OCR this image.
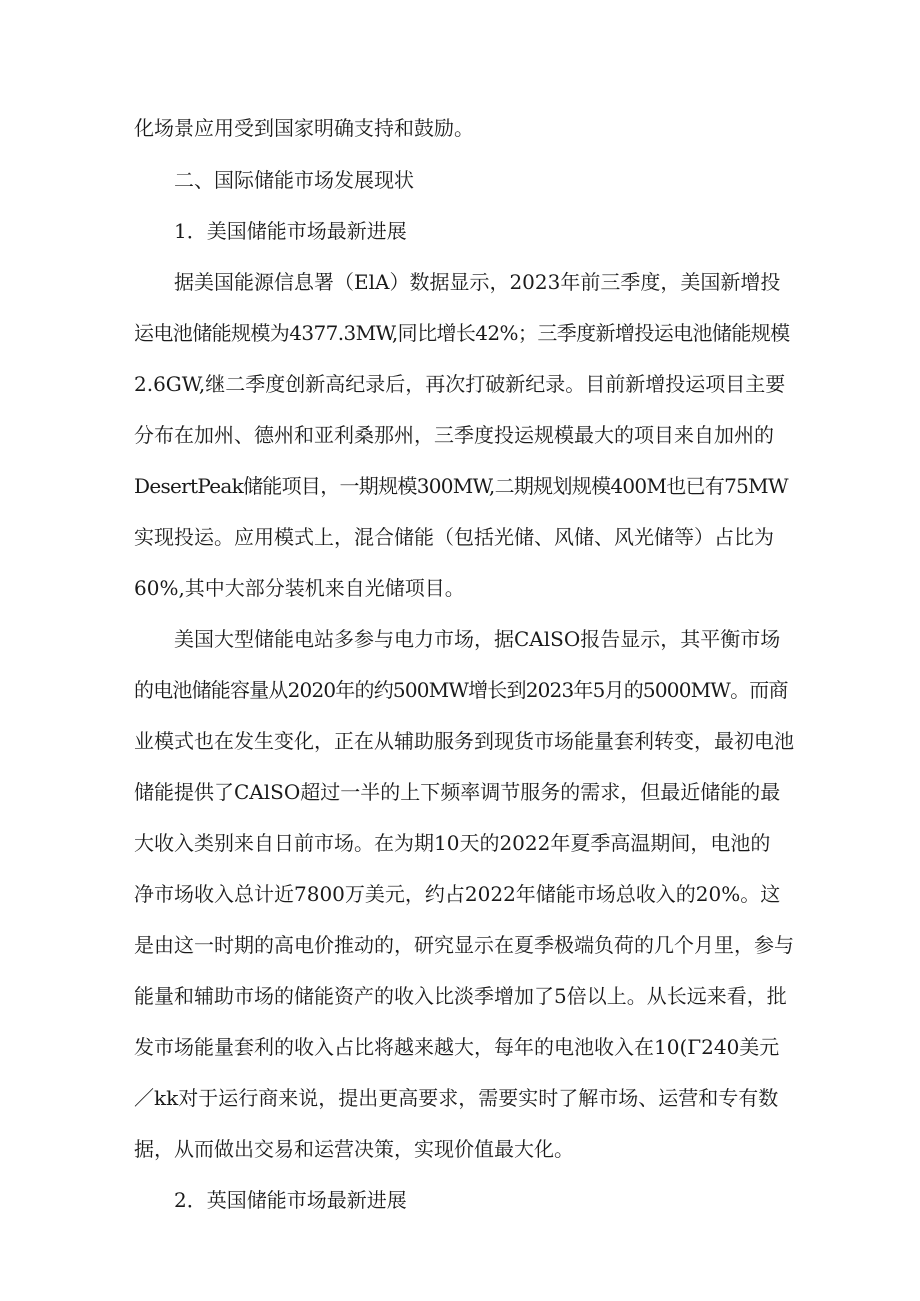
化场景应用受到国家明确支持和鼓励。
二、国际储能市场发展现状
1．美国储能市场最新进展
据美国能源信息署（ElA）数据显示，2023年前三季度，美国新增投
运电池储能规模为4377.3MW,同比增长42%；三季度新增投运电池储能规模
2.6GW,继二季度创新高纪录后，再次打破新纪录。目前新增投运项目主要
分布在加州、德州和亚利桑那州，三季度投运规模最大的项目来自加州的
DesertPeak储能项目，一期规模300MW,二期规划规模400M也已有75MW
实现投运。应用模式上，混合储能（包括光储、风储、风光储等）占比为
60%,其中大部分装机来自光储项目。
美国大型储能电站多参与电力市场，据CAlSO报告显示，其平衡市场
的电池储能容量从2020年的约500MW增长到2023年5月的5000MW。而商
业模式也在发生变化，正在从辅助服务到现货市场能量套利转变，最初电池
储能提供了CAlSO超过一半的上下频率调节服务的需求，但最近储能的最
大收入类别来自日前市场。在为期10天的2022年夏季高温期间，电池的
净市场收入总计近7800万美元，约占2022年储能市场总收入的20%。这
是由这一时期的高电价推动的，研究显示在夏季极端负荷的几个月里，参与
能量和辅助市场的储能资产的收入比淡季增加了5倍以上。从长远来看，批
发市场能量套利的收入占比将越来越大，每年的电池收入在10(Γ240美元
／kk对于运行商来说，提出更高要求，需要实时了解市场、运营和专有数
据，从而做出交易和运营决策，实现价值最大化。
2．英国储能市场最新进展
